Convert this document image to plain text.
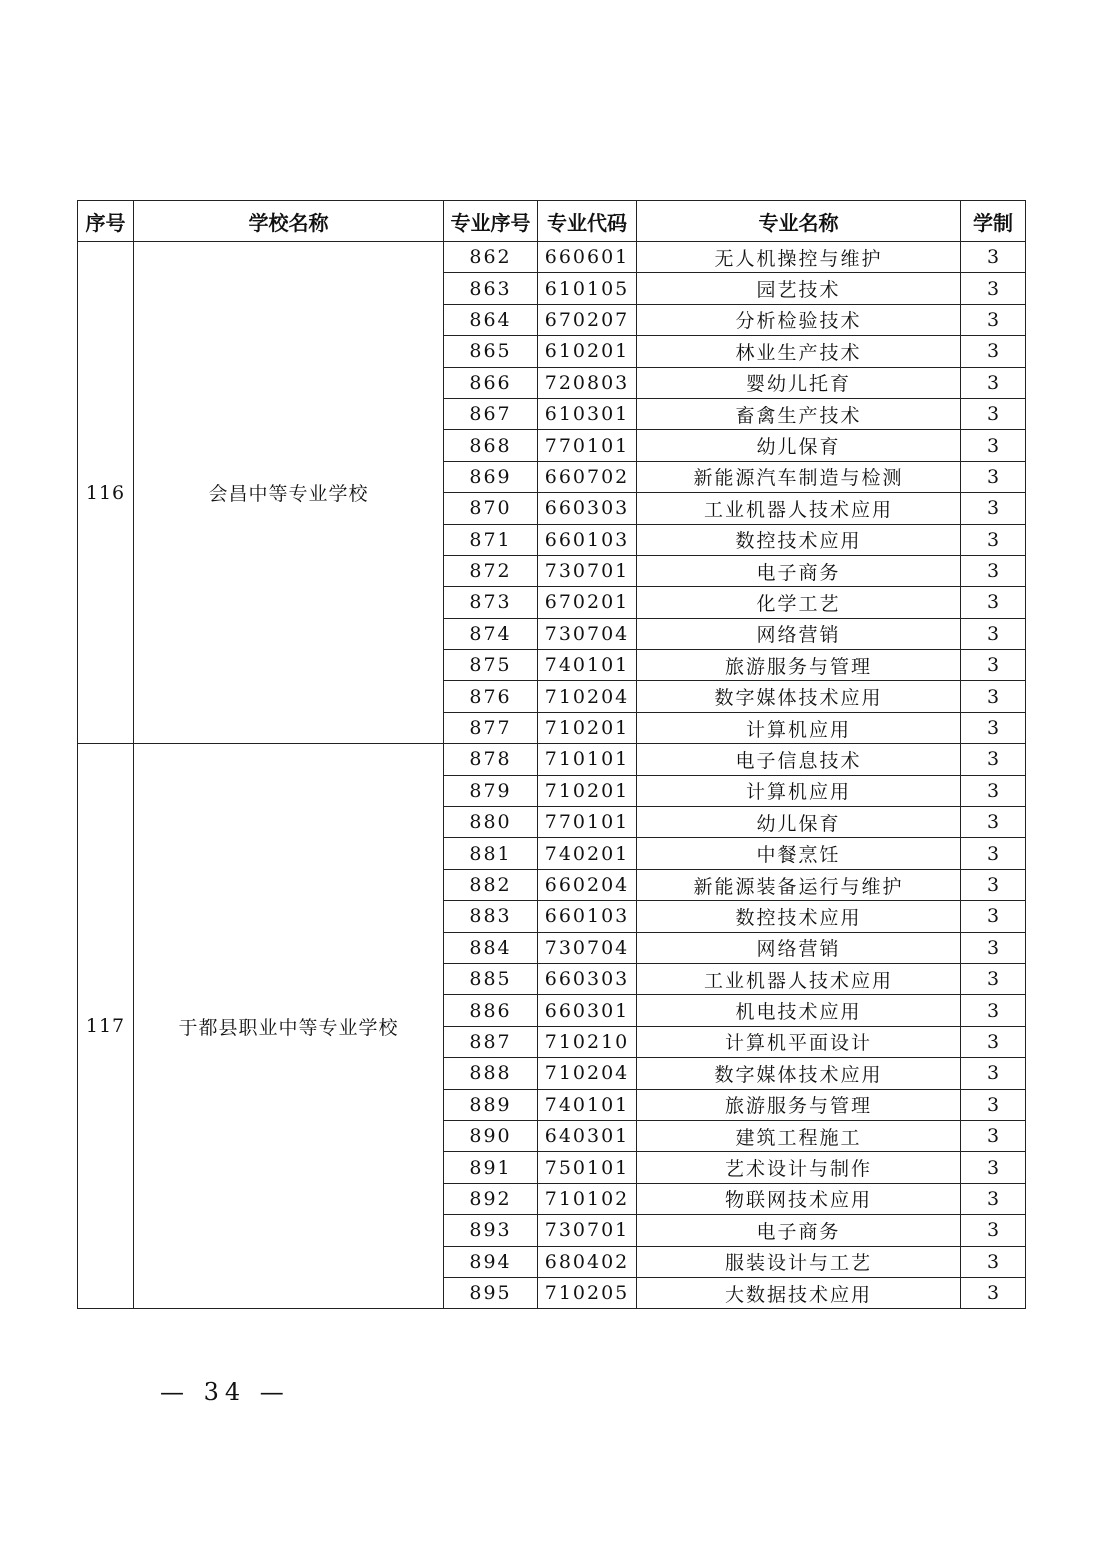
序号	学校名称	专业序号	专业代码	专业名称	学制
116	会昌中等专业学校	862	660601	无人机操控与维护	3
		863	610105	园艺技术	3
		864	670207	分析检验技术	3
		865	610201	林业生产技术	3
		866	720803	婴幼儿托育	3
		867	610301	畜禽生产技术	3
		868	770101	幼儿保育	3
		869	660702	新能源汽车制造与检测	3
		870	660303	工业机器人技术应用	3
		871	660103	数控技术应用	3
		872	730701	电子商务	3
		873	670201	化学工艺	3
		874	730704	网络营销	3
		875	740101	旅游服务与管理	3
		876	710204	数字媒体技术应用	3
		877	710201	计算机应用	3
117	于都县职业中等专业学校	878	710101	电子信息技术	3
		879	710201	计算机应用	3
		880	770101	幼儿保育	3
		881	740201	中餐烹饪	3
		882	660204	新能源装备运行与维护	3
		883	660103	数控技术应用	3
		884	730704	网络营销	3
		885	660303	工业机器人技术应用	3
		886	660301	机电技术应用	3
		887	710210	计算机平面设计	3
		888	710204	数字媒体技术应用	3
		889	740101	旅游服务与管理	3
		890	640301	建筑工程施工	3
		891	750101	艺术设计与制作	3
		892	710102	物联网技术应用	3
		893	730701	电子商务	3
		894	680402	服装设计与工艺	3
		895	710205	大数据技术应用	3
— 34 —
